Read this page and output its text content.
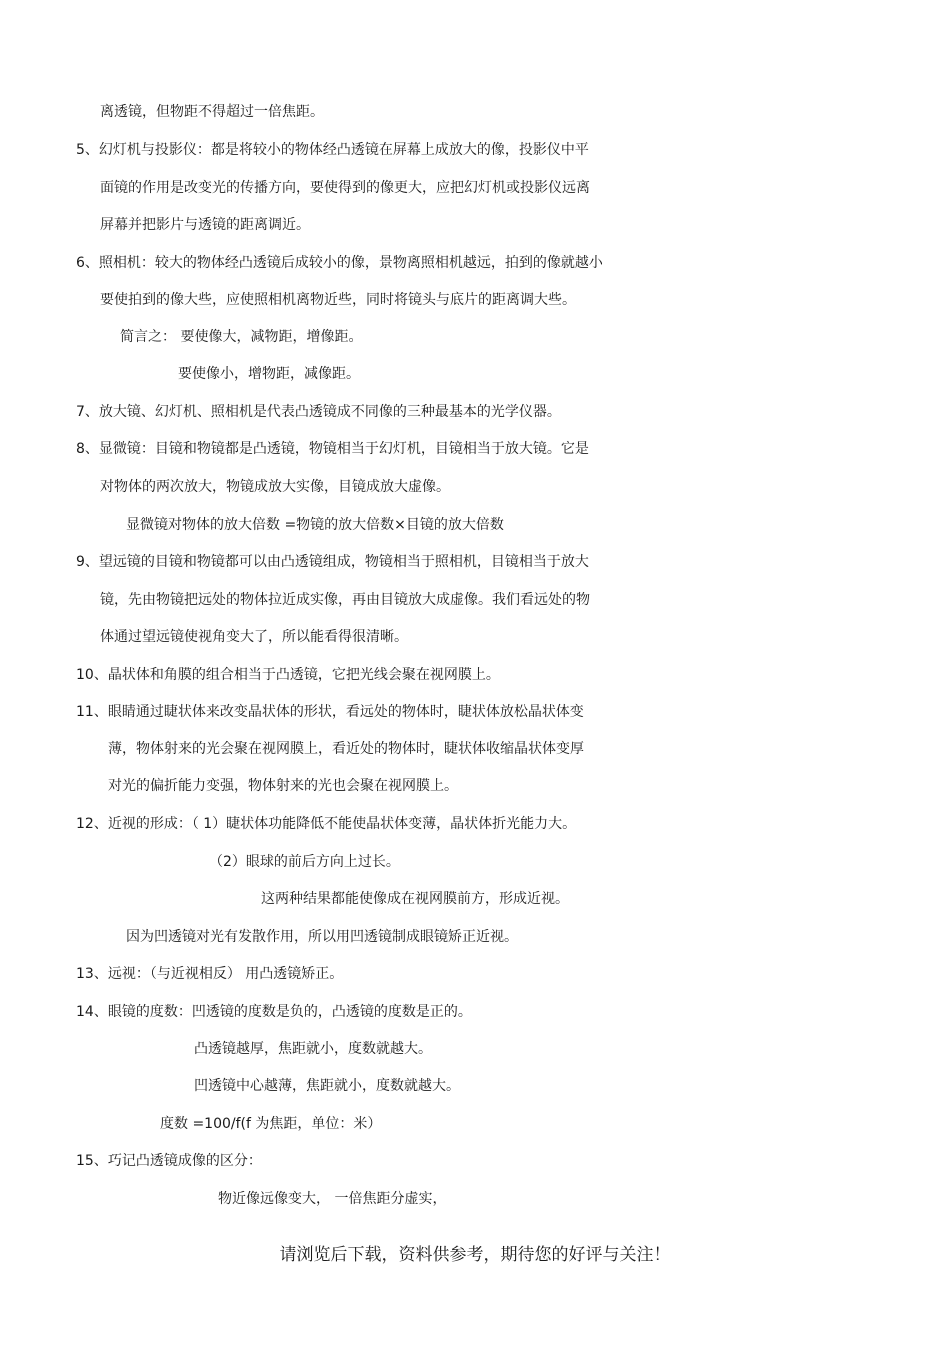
离透镜，但物距不得超过一倍焦距。
5、幻灯机与投影仪：都是将较小的物体经凸透镜在屏幕上成放大的像，投影仪中平
面镜的作用是改变光的传播方向，要使得到的像更大，应把幻灯机或投影仪远离
屏幕并把影片与透镜的距离调近。
6、照相机：较大的物体经凸透镜后成较小的像，景物离照相机越远，拍到的像就越小
要使拍到的像大些，应使照相机离物近些，同时将镜头与底片的距离调大些。
简言之： 要使像大，减物距，增像距。
要使像小，增物距，减像距。
7、放大镜、幻灯机、照相机是代表凸透镜成不同像的三种最基本的光学仪器。
8、显微镜：目镜和物镜都是凸透镜，物镜相当于幻灯机，目镜相当于放大镜。它是
对物体的两次放大，物镜成放大实像，目镜成放大虚像。
显微镜对物体的放大倍数 =物镜的放大倍数×目镜的放大倍数
9、望远镜的目镜和物镜都可以由凸透镜组成，物镜相当于照相机，目镜相当于放大
镜，先由物镜把远处的物体拉近成实像，再由目镜放大成虚像。我们看远处的物
体通过望远镜使视角变大了，所以能看得很清晰。
10、晶状体和角膜的组合相当于凸透镜，它把光线会聚在视网膜上。
11、眼睛通过睫状体来改变晶状体的形状，看远处的物体时，睫状体放松晶状体变
薄，物体射来的光会聚在视网膜上，看近处的物体时，睫状体收缩晶状体变厚
对光的偏折能力变强，物体射来的光也会聚在视网膜上。
12、近视的形成：（ 1）睫状体功能降低不能使晶状体变薄，晶状体折光能力大。
（2）眼球的前后方向上过长。
这两种结果都能使像成在视网膜前方，形成近视。
因为凹透镜对光有发散作用，所以用凹透镜制成眼镜矫正近视。
13、远视：（与近视相反） 用凸透镜矫正。
14、眼镜的度数：凹透镜的度数是负的，凸透镜的度数是正的。
凸透镜越厚，焦距就小，度数就越大。
凹透镜中心越薄，焦距就小，度数就越大。
度数 =100/f(f 为焦距，单位：米）
15、巧记凸透镜成像的区分：
物近像远像变大， 一倍焦距分虚实，
请浏览后下载，资料供参考，期待您的好评与关注！
